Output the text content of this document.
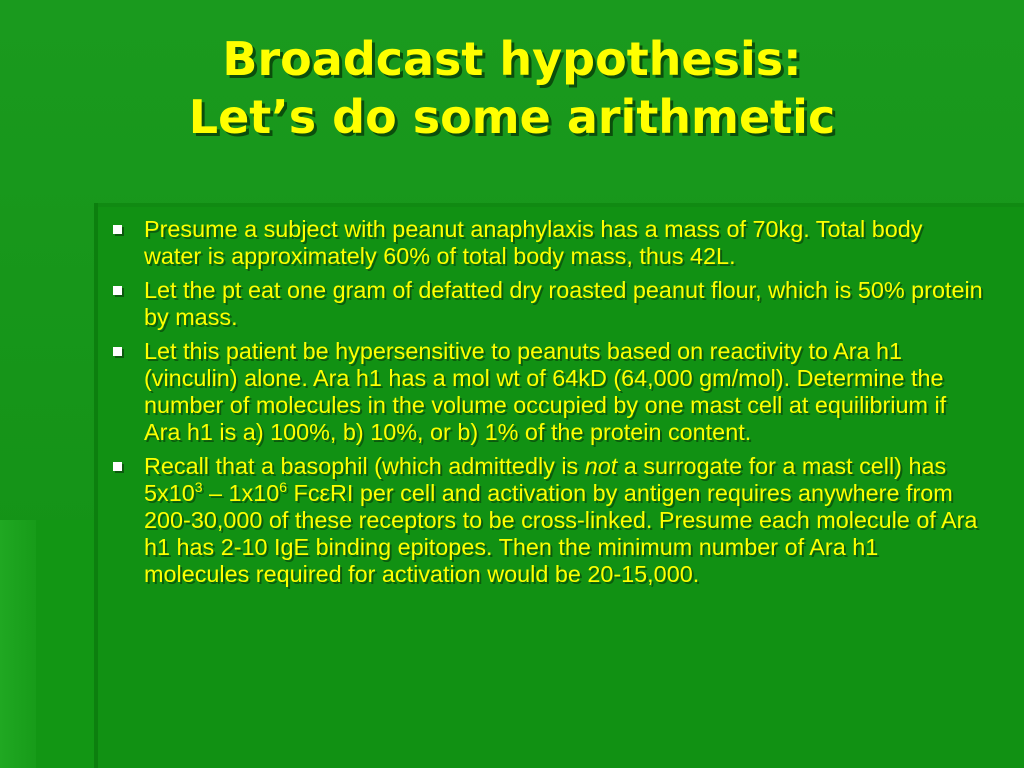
Broadcast hypothesis:
Let’s do some arithmetic
Presume a subject with peanut anaphylaxis has a mass of 70kg. Total body water is approximately 60% of total body mass, thus 42L.
Let the pt eat one gram of defatted dry roasted peanut flour, which is 50% protein by mass.
Let this patient be hypersensitive to peanuts based on reactivity to Ara h1 (vinculin) alone. Ara h1 has a mol wt of 64kD (64,000 gm/mol). Determine the number of molecules in the volume occupied by one mast cell at equilibrium if Ara h1 is a) 100%, b) 10%, or b) 1% of the protein content.
Recall that a basophil (which admittedly is not a surrogate for a mast cell) has $5x10^3 - 1x10^6$ FcεRI per cell and activation by antigen requires anywhere from 200-30,000 of these receptors to be cross-linked. Presume each molecule of Ara h1 has 2-10 IgE binding epitopes. Then the minimum number of Ara h1 molecules required for activation would be 20-15,000.
